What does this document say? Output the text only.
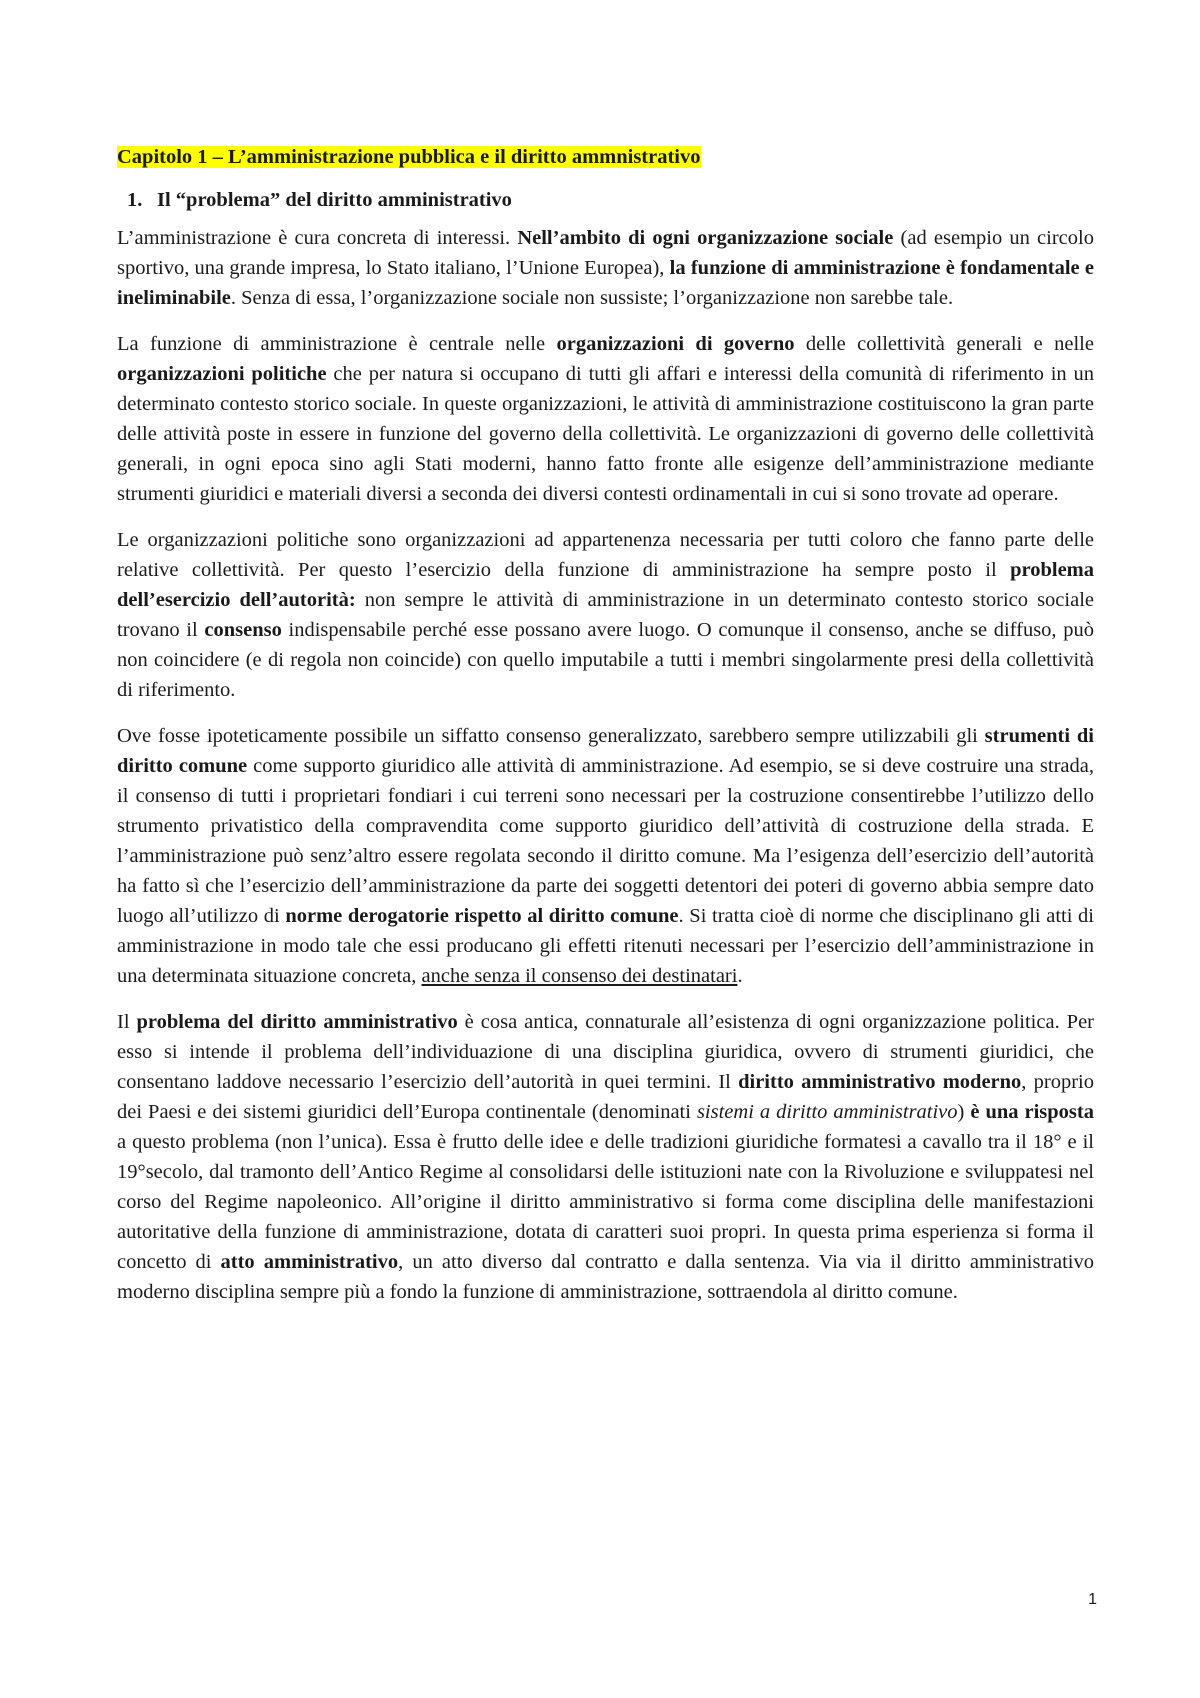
Capitolo 1 – L’amministrazione pubblica e il diritto ammnistrativo
1. Il “problema” del diritto amministrativo

L’amministrazione è cura concreta di interessi. Nell’ambito di ogni organizzazione sociale (ad esempio un circolo sportivo, una grande impresa, lo Stato italiano, l’Unione Europea), la funzione di amministrazione è fondamentale e ineliminabile. Senza di essa, l’organizzazione sociale non sussiste; l’organizzazione non sarebbe tale.

La funzione di amministrazione è centrale nelle organizzazioni di governo delle collettività generali e nelle organizzazioni politiche che per natura si occupano di tutti gli affari e interessi della comunità di riferimento in un determinato contesto storico sociale. In queste organizzazioni, le attività di amministrazione costituiscono la gran parte delle attività poste in essere in funzione del governo della collettività. Le organizzazioni di governo delle collettività generali, in ogni epoca sino agli Stati moderni, hanno fatto fronte alle esigenze dell’amministrazione mediante strumenti giuridici e materiali diversi a seconda dei diversi contesti ordinamentali in cui si sono trovate ad operare.

Le organizzazioni politiche sono organizzazioni ad appartenenza necessaria per tutti coloro che fanno parte delle relative collettività. Per questo l’esercizio della funzione di amministrazione ha sempre posto il problema dell’esercizio dell’autorità: non sempre le attività di amministrazione in un determinato contesto storico sociale trovano il consenso indispensabile perché esse possano avere luogo. O comunque il consenso, anche se diffuso, può non coincidere (e di regola non coincide) con quello imputabile a tutti i membri singolarmente presi della collettività di riferimento.

Ove fosse ipoteticamente possibile un siffatto consenso generalizzato, sarebbero sempre utilizzabili gli strumenti di diritto comune come supporto giuridico alle attività di amministrazione. Ad esempio, se si deve costruire una strada, il consenso di tutti i proprietari fondiari i cui terreni sono necessari per la costruzione consentirebbe l’utilizzo dello strumento privatistico della compravendita come supporto giuridico dell’attività di costruzione della strada. E l’amministrazione può senz’altro essere regolata secondo il diritto comune. Ma l’esigenza dell’esercizio dell’autorità ha fatto sì che l’esercizio dell’amministrazione da parte dei soggetti detentori dei poteri di governo abbia sempre dato luogo all’utilizzo di norme derogatorie rispetto al diritto comune. Si tratta cioè di norme che disciplinano gli atti di amministrazione in modo tale che essi producano gli effetti ritenuti necessari per l’esercizio dell’amministrazione in una determinata situazione concreta, anche senza il consenso dei destinatari.

Il problema del diritto amministrativo è cosa antica, connaturale all’esistenza di ogni organizzazione politica. Per esso si intende il problema dell’individuazione di una disciplina giuridica, ovvero di strumenti giuridici, che consentano laddove necessario l’esercizio dell’autorità in quei termini. Il diritto amministrativo moderno, proprio dei Paesi e dei sistemi giuridici dell’Europa continentale (denominati sistemi a diritto amministrativo) è una risposta a questo problema (non l’unica). Essa è frutto delle idee e delle tradizioni giuridiche formatesi a cavallo tra il 18° e il 19°secolo, dal tramonto dell’Antico Regime al consolidarsi delle istituzioni nate con la Rivoluzione e sviluppatesi nel corso del Regime napoleonico. All’origine il diritto amministrativo si forma come disciplina delle manifestazioni autoritative della funzione di amministrazione, dotata di caratteri suoi propri. In questa prima esperienza si forma il concetto di atto amministrativo, un atto diverso dal contratto e dalla sentenza. Via via il diritto amministrativo moderno disciplina sempre più a fondo la funzione di amministrazione, sottraendola al diritto comune.

1
